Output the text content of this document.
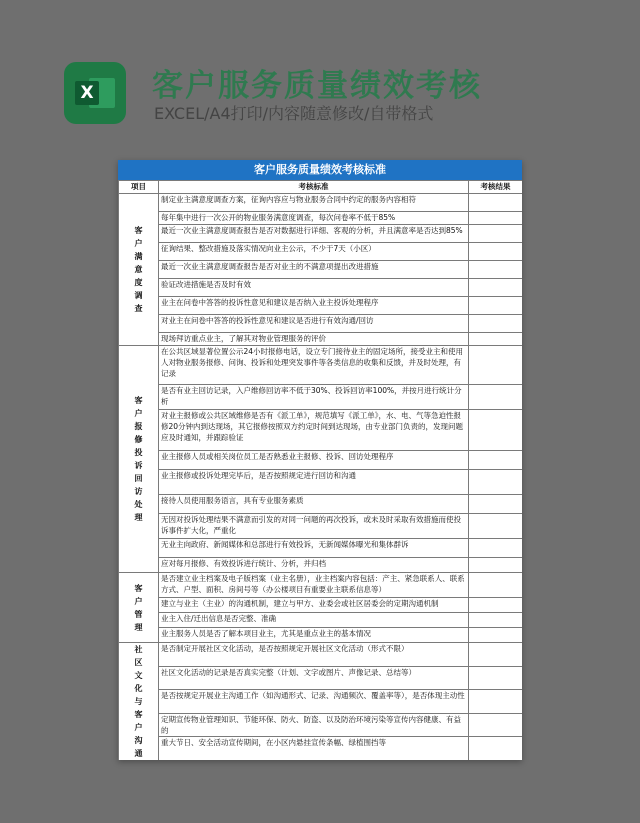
X 客户服务质量绩效考核
EXCEL/A4打印/内容随意修改/自带格式
客户服务质量绩效考核标准
项目	考核标准	考核结果
客户满意度调查	制定业主满意度调查方案，征询内容应与物业服务合同中约定的服务内容相符	

	每年集中进行一次公开的物业服务满意度调查，每次问卷率不低于85%	

	最近一次业主满意度调查报告是否对数据进行详细、客观的分析，并且满意率是否达到85%	

	征询结果、整改措施及落实情况向业主公示，不少于7天（小区）	

	最近一次业主满意度调查报告是否对业主的不满意项提出改进措施	

	验证改进措施是否及时有效	

	业主在问卷中答答的投诉性意见和建议是否纳入业主投诉处理程序	

	对业主在问卷中答答的投诉性意见和建议是否进行有效沟通/回访	

	现场拜访重点业主，了解其对物业管理服务的评价	

客户报修投诉回访处理	在公共区域显著位置公示24小时报修电话，设立专门接待业主的固定场所，接受业主和使用人对物业服务报修、问询、投诉和处理突发事件等各类信息的收集和反馈，并及时处理，有记录	

	是否有业主回访记录，入户维修回访率不低于30%、投诉回访率100%，并按月进行统计分析	

	对业主报修或公共区域维修是否有《派工单》，规范填写《派工单》，水、电、气等急迫性报修20分钟内到达现场，其它报修按照双方约定时间到达现场，由专业部门负责的，发现问题应及时通知，并跟踪验证	

	业主报修人员或相关岗位员工是否熟悉业主报修、投诉、回访处理程序	

	业主报修或投诉处理完毕后，是否按照规定进行回访和沟通	

	接待人员使用服务语言，具有专业服务素质	

	无因对投诉处理结果不满意而引发的对同一问题的再次投诉，或未及时采取有效措施而使投诉事件扩大化，严重化	

	无业主向政府、新闻媒体和总部进行有效投诉，无新闻媒体曝光和集体群诉	

	应对每月报修、有效投诉进行统计、分析，并归档	

客户管理	是否建立业主档案及电子版档案（业主名册），业主档案内容包括：产主、紧急联系人、联系方式、户型、面积、房间号等（办公楼项目有重要业主联系信息等）	

	建立与业主（主业）的沟通机制，建立与甲方、业委会或社区居委会的定期沟通机制	

	业主入住/迁出信息是否完整、准确	

	业主服务人员是否了解本项目业主，尤其是重点业主的基本情况	

社区文化与客户沟通	是否制定开展社区文化活动，是否按照规定开展社区文化活动（形式不限）	

	社区文化活动的记录是否真实完整（计划、文字或图片、声像记录、总结等）	

	是否按规定开展业主沟通工作（如沟通形式、记录、沟通频次、覆盖率等），是否体现主动性	

	定期宣传物业管理知识、节能环保、防火、防盗、以及防治环境污染等宣传内容健康、有益的	

	重大节日、安全活动宣传期间，在小区内悬挂宣传条幅、绿植围挡等	
